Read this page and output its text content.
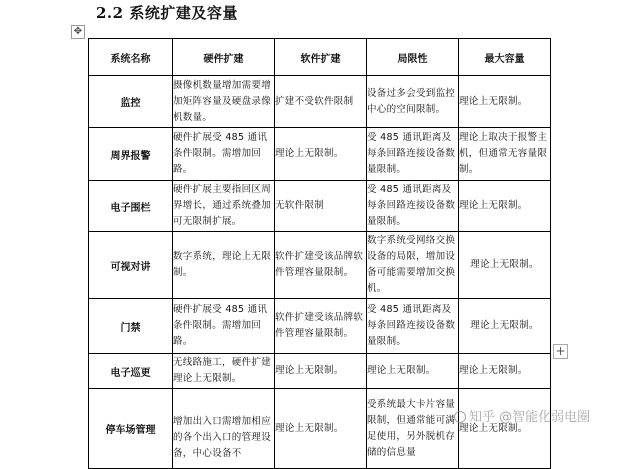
2.2 系统扩建及容量
✥
系统名称	硬件扩建	软件扩建	局限性	最大容量
监控	摄像机数量增加需要增加矩阵容量及硬盘录像机数量。	扩建不受软件限制	设备过多会受到监控中心的空间限制。	理论上无限制。
周界报警	硬件扩展受 485 通讯条件限制。需增加回路。	理论上无限制。	受 485 通讯距离及每条回路连接设备数量限制。	理论上取决于报警主机，但通常无容量限制。
电子围栏	硬件扩展主要指回区周界增长，通过系统叠加可无限制扩展。	无软件限制	受 485 通讯距离及每条回路连接设备数量限制。	理论上无限制。
可视对讲	数字系统，理论上无限制。	软件扩建受该品牌软件管理容量限制。	数字系统受网络交换设备的局限，增加设备可能需要增加交换机。	理论上无限制。
门禁	硬件扩展受 485 通讯条件限制。需增加回路。	软件扩建受该品牌软件管理容量限制。	受 485 通讯距离及每条回路连接设备数量限制。	理论上无限制。
电子巡更	无线路施工，硬件扩建理论上无限制。	理论上无限制。	理论上无限制。	理论上无限制。
停车场管理	增加出入口需增加相应的各个出入口的管理设备，中心设备不	理论上无限制。	受系统最大卡片容量限制，但通常能可满足使用，另外脱机存储的信息量	理论上无限制。
+
知乎 @智能化弱电圈
